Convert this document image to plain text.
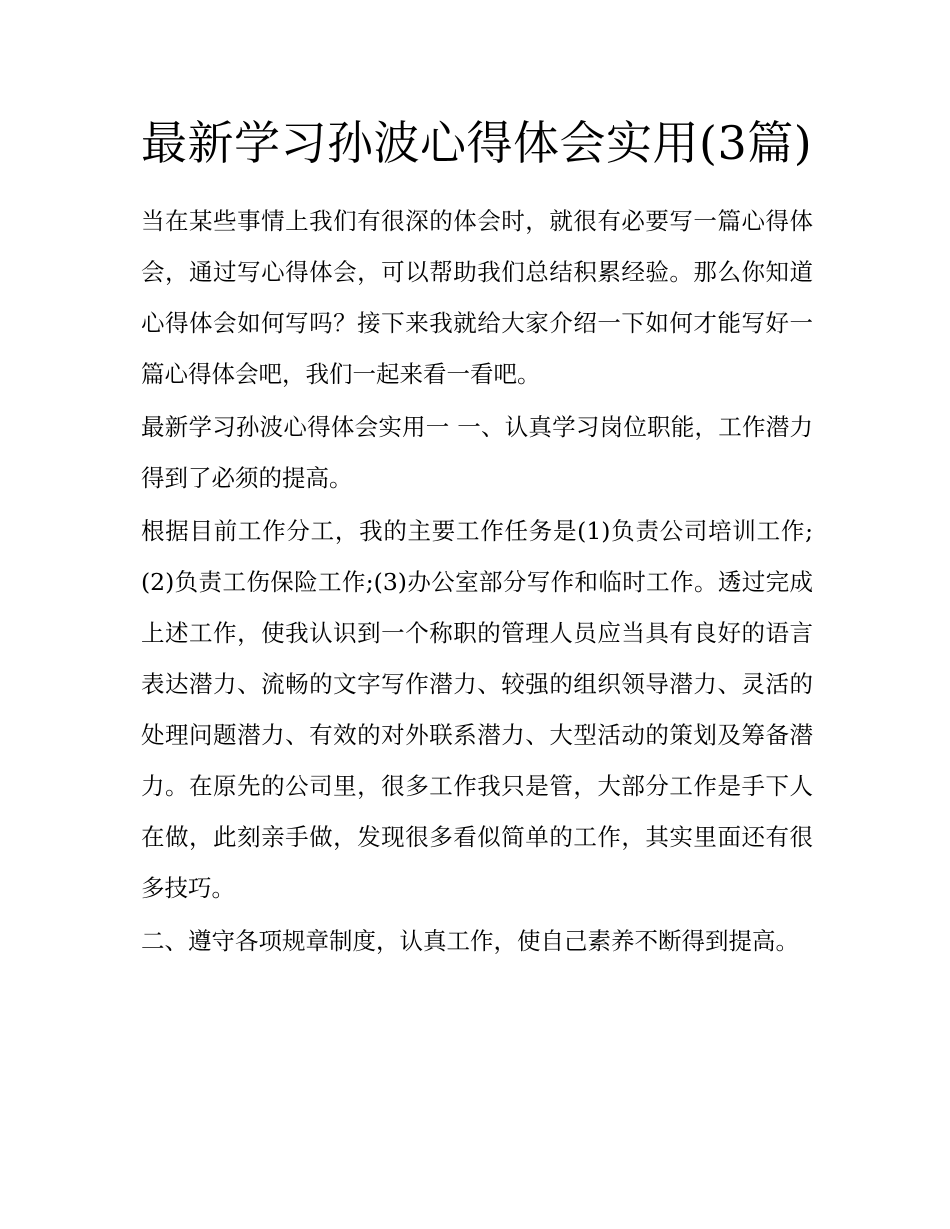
最新学习孙波心得体会实用(3篇)

当在某些事情上我们有很深的体会时，就很有必要写一篇心得体会，通过写心得体会，可以帮助我们总结积累经验。那么你知道心得体会如何写吗？接下来我就给大家介绍一下如何才能写好一篇心得体会吧，我们一起来看一看吧。

最新学习孙波心得体会实用一 一、认真学习岗位职能，工作潜力得到了必须的提高。

根据目前工作分工，我的主要工作任务是(1)负责公司培训工作;(2)负责工伤保险工作;(3)办公室部分写作和临时工作。透过完成上述工作，使我认识到一个称职的管理人员应当具有良好的语言表达潜力、流畅的文字写作潜力、较强的组织领导潜力、灵活的处理问题潜力、有效的对外联系潜力、大型活动的策划及筹备潜力。在原先的公司里，很多工作我只是管，大部分工作是手下人在做，此刻亲手做，发现很多看似简单的工作，其实里面还有很多技巧。

二、遵守各项规章制度，认真工作，使自己素养不断得到提高。
